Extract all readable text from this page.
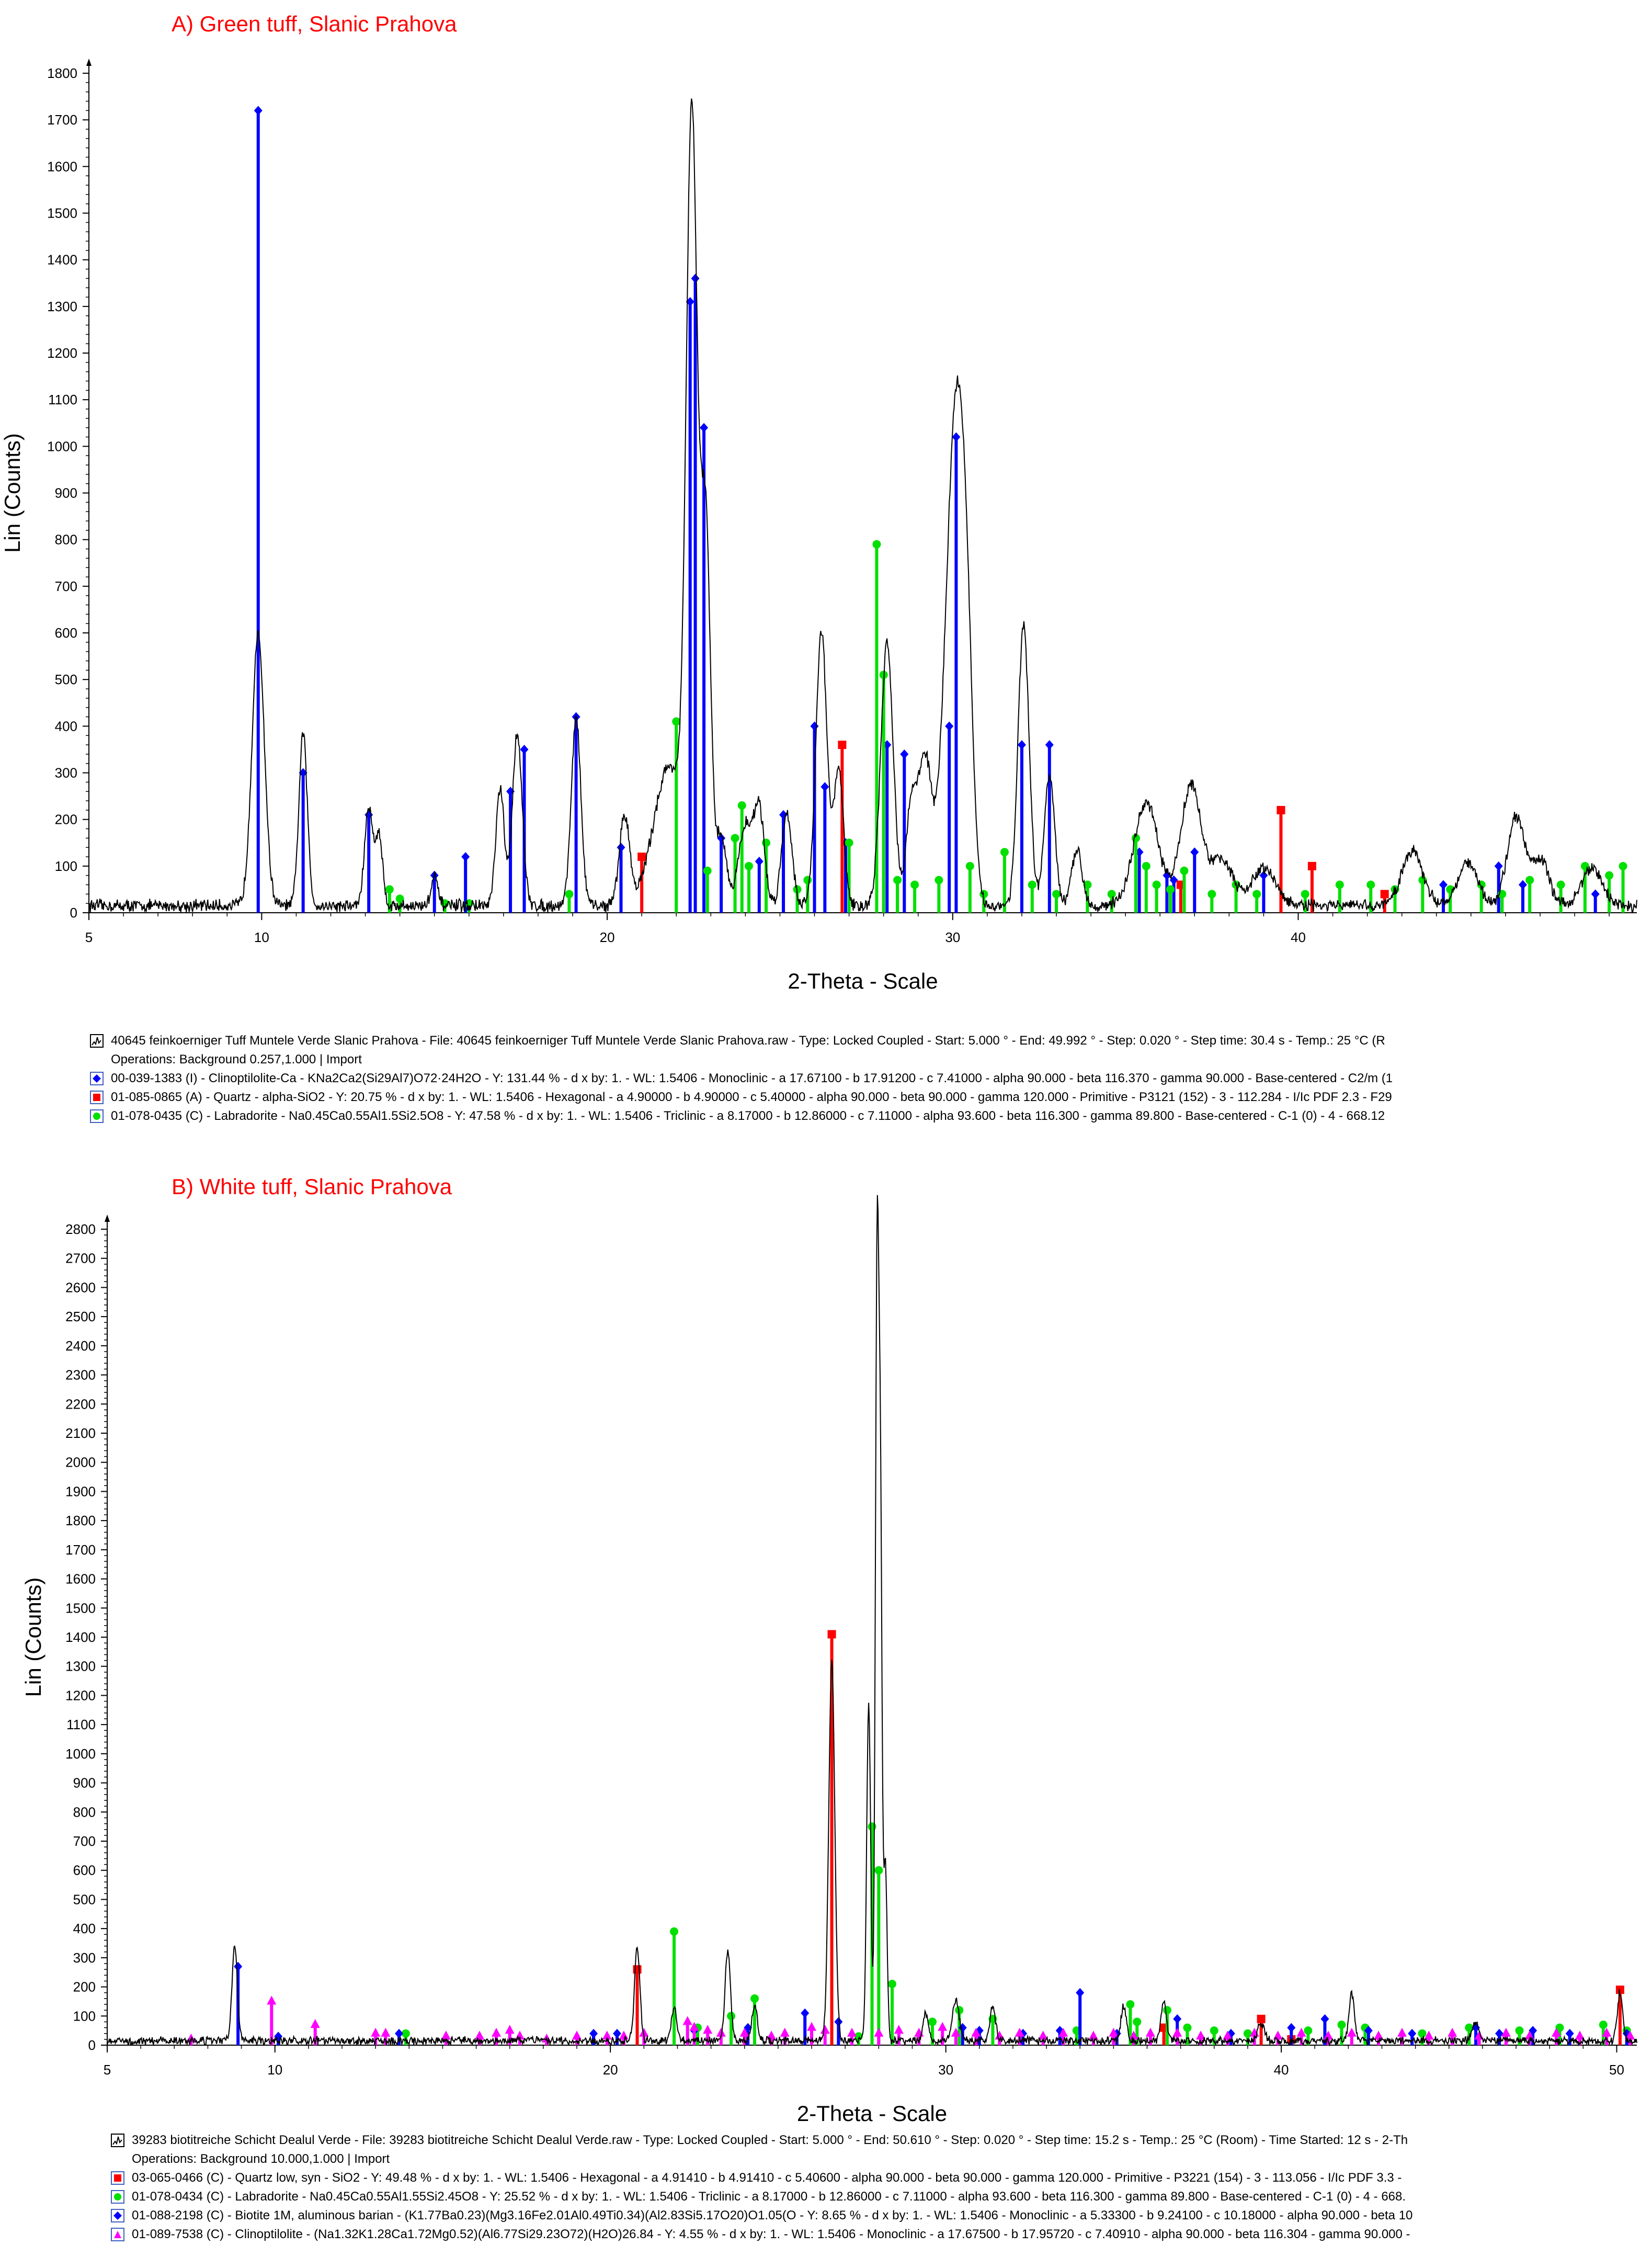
A) Green tuff, Slanic Prahova
0
100
200
300
400
500
600
700
800
900
1000
1100
1200
1300
1400
1500
1600
1700
1800
5	10	20	30	40
2-Theta - Scale
Lin (Counts)
40645 feinkoerniger Tuff Muntele Verde Slanic Prahova - File: 40645 feinkoerniger Tuff Muntele Verde Slanic Prahova.raw - Type: Locked Coupled - Start: 5.000 ° - End: 49.992 ° - Step: 0.020 ° - Step time: 30.4 s - Temp.: 25 °C (R
Operations: Background 0.257,1.000 | Import
00-039-1383 (I) - Clinoptilolite-Ca - KNa2Ca2(Si29Al7)O72·24H2O - Y: 131.44 % - d x by: 1. - WL: 1.5406 - Monoclinic - a 17.67100 - b 17.91200 - c 7.41000 - alpha 90.000 - beta 116.370 - gamma 90.000 - Base-centered - C2/m (1
01-085-0865 (A) - Quartz - alpha-SiO2 - Y: 20.75 % - d x by: 1. - WL: 1.5406 - Hexagonal - a 4.90000 - b 4.90000 - c 5.40000 - alpha 90.000 - beta 90.000 - gamma 120.000 - Primitive - P3121 (152) - 3 - 112.284 - I/Ic PDF 2.3 - F29
01-078-0435 (C) - Labradorite - Na0.45Ca0.55Al1.5Si2.5O8 - Y: 47.58 % - d x by: 1. - WL: 1.5406 - Triclinic - a 8.17000 - b 12.86000 - c 7.11000 - alpha 93.600 - beta 116.300 - gamma 89.800 - Base-centered - C-1 (0) - 4 - 668.12
B) White tuff, Slanic Prahova
0
100
200
300
400
500
600
700
800
900
1000
1100
1200
1300
1400
1500
1600
1700
1800
1900
2000
2100
2200
2300
2400
2500
2600
2700
2800
5	10	20	30	40	50
2-Theta - Scale
Lin (Counts)
39283 biotitreiche Schicht Dealul Verde - File: 39283 biotitreiche Schicht Dealul Verde.raw - Type: Locked Coupled - Start: 5.000 ° - End: 50.610 ° - Step: 0.020 ° - Step time: 15.2 s - Temp.: 25 °C (Room) - Time Started: 12 s - 2-Th
Operations: Background 10.000,1.000 | Import
03-065-0466 (C) - Quartz low, syn - SiO2 - Y: 49.48 % - d x by: 1. - WL: 1.5406 - Hexagonal - a 4.91410 - b 4.91410 - c 5.40600 - alpha 90.000 - beta 90.000 - gamma 120.000 - Primitive - P3221 (154) - 3 - 113.056 - I/Ic PDF 3.3 -
01-078-0434 (C) - Labradorite - Na0.45Ca0.55Al1.55Si2.45O8 - Y: 25.52 % - d x by: 1. - WL: 1.5406 - Triclinic - a 8.17000 - b 12.86000 - c 7.11000 - alpha 93.600 - beta 116.300 - gamma 89.800 - Base-centered - C-1 (0) - 4 - 668.
01-088-2198 (C) - Biotite 1M, aluminous barian - (K1.77Ba0.23)(Mg3.16Fe2.01Al0.49Ti0.34)(Al2.83Si5.17O20)O1.05(O - Y: 8.65 % - d x by: 1. - WL: 1.5406 - Monoclinic - a 5.33300 - b 9.24100 - c 10.18000 - alpha 90.000 - beta 10
01-089-7538 (C) - Clinoptilolite - (Na1.32K1.28Ca1.72Mg0.52)(Al6.77Si29.23O72)(H2O)26.84 - Y: 4.55 % - d x by: 1. - WL: 1.5406 - Monoclinic - a 17.67500 - b 17.95720 - c 7.40910 - alpha 90.000 - beta 116.304 - gamma 90.000 -
